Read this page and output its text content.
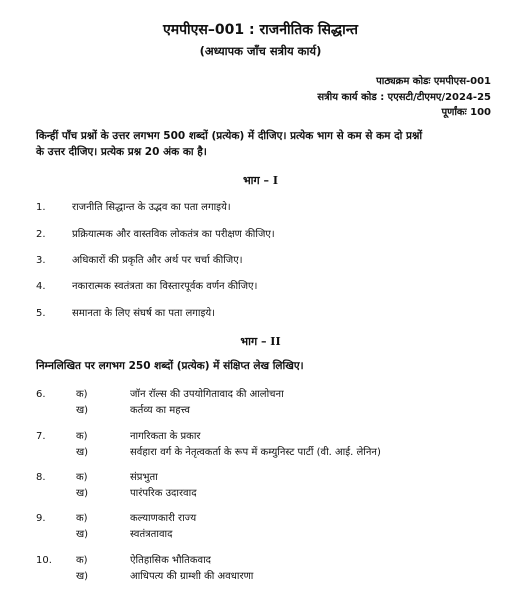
एमपीएस–001 : राजनीतिक सिद्धान्त
(अध्यापक जाँच सत्रीय कार्य)
पाठ्यक्रम कोडः एमपीएस-001
सत्रीय कार्य कोड : एएसटी/टीएमए/2024-25
पूर्णांकः 100
किन्हीं पाँच प्रश्नों के उत्तर लगभग 500 शब्दों (प्रत्येक) में दीजिए। प्रत्येक भाग से कम से कम दो प्रश्नों
के उत्तर दीजिए। प्रत्येक प्रश्न 20 अंक का है।
भाग – I
1.	राजनीति सिद्धान्त के उद्भव का पता लगाइये।
2.	प्रक्रियात्मक और वास्तविक लोकतंत्र का परीक्षण कीजिए।
3.	अधिकारों की प्रकृति और अर्थ पर चर्चा कीजिए।
4.	नकारात्मक स्वतंत्रता का विस्तारपूर्वक वर्णन कीजिए।
5.	समानता के लिए संघर्ष का पता लगाइये।
भाग – II
निम्नलिखित पर लगभग 250 शब्दों (प्रत्येक) में संक्षिप्त लेख लिखिए।
6.	क)	जॉन रॉल्स की उपयोगितावाद की आलोचना
ख)	कर्तव्य का महत्त्व
7.	क)	नागरिकता के प्रकार
ख)	सर्वहारा वर्ग के नेतृत्वकर्ता के रूप में कम्युनिस्ट पार्टी (वी. आई. लेनिन)
8.	क)	संप्रभुता
ख)	पारंपरिक उदारवाद
9.	क)	कल्याणकारी राज्य
ख)	स्वतंत्रतावाद
10. क)	ऐतिहासिक भौतिकवाद
ख)	आधिपत्य की ग्राम्शी की अवधारणा
